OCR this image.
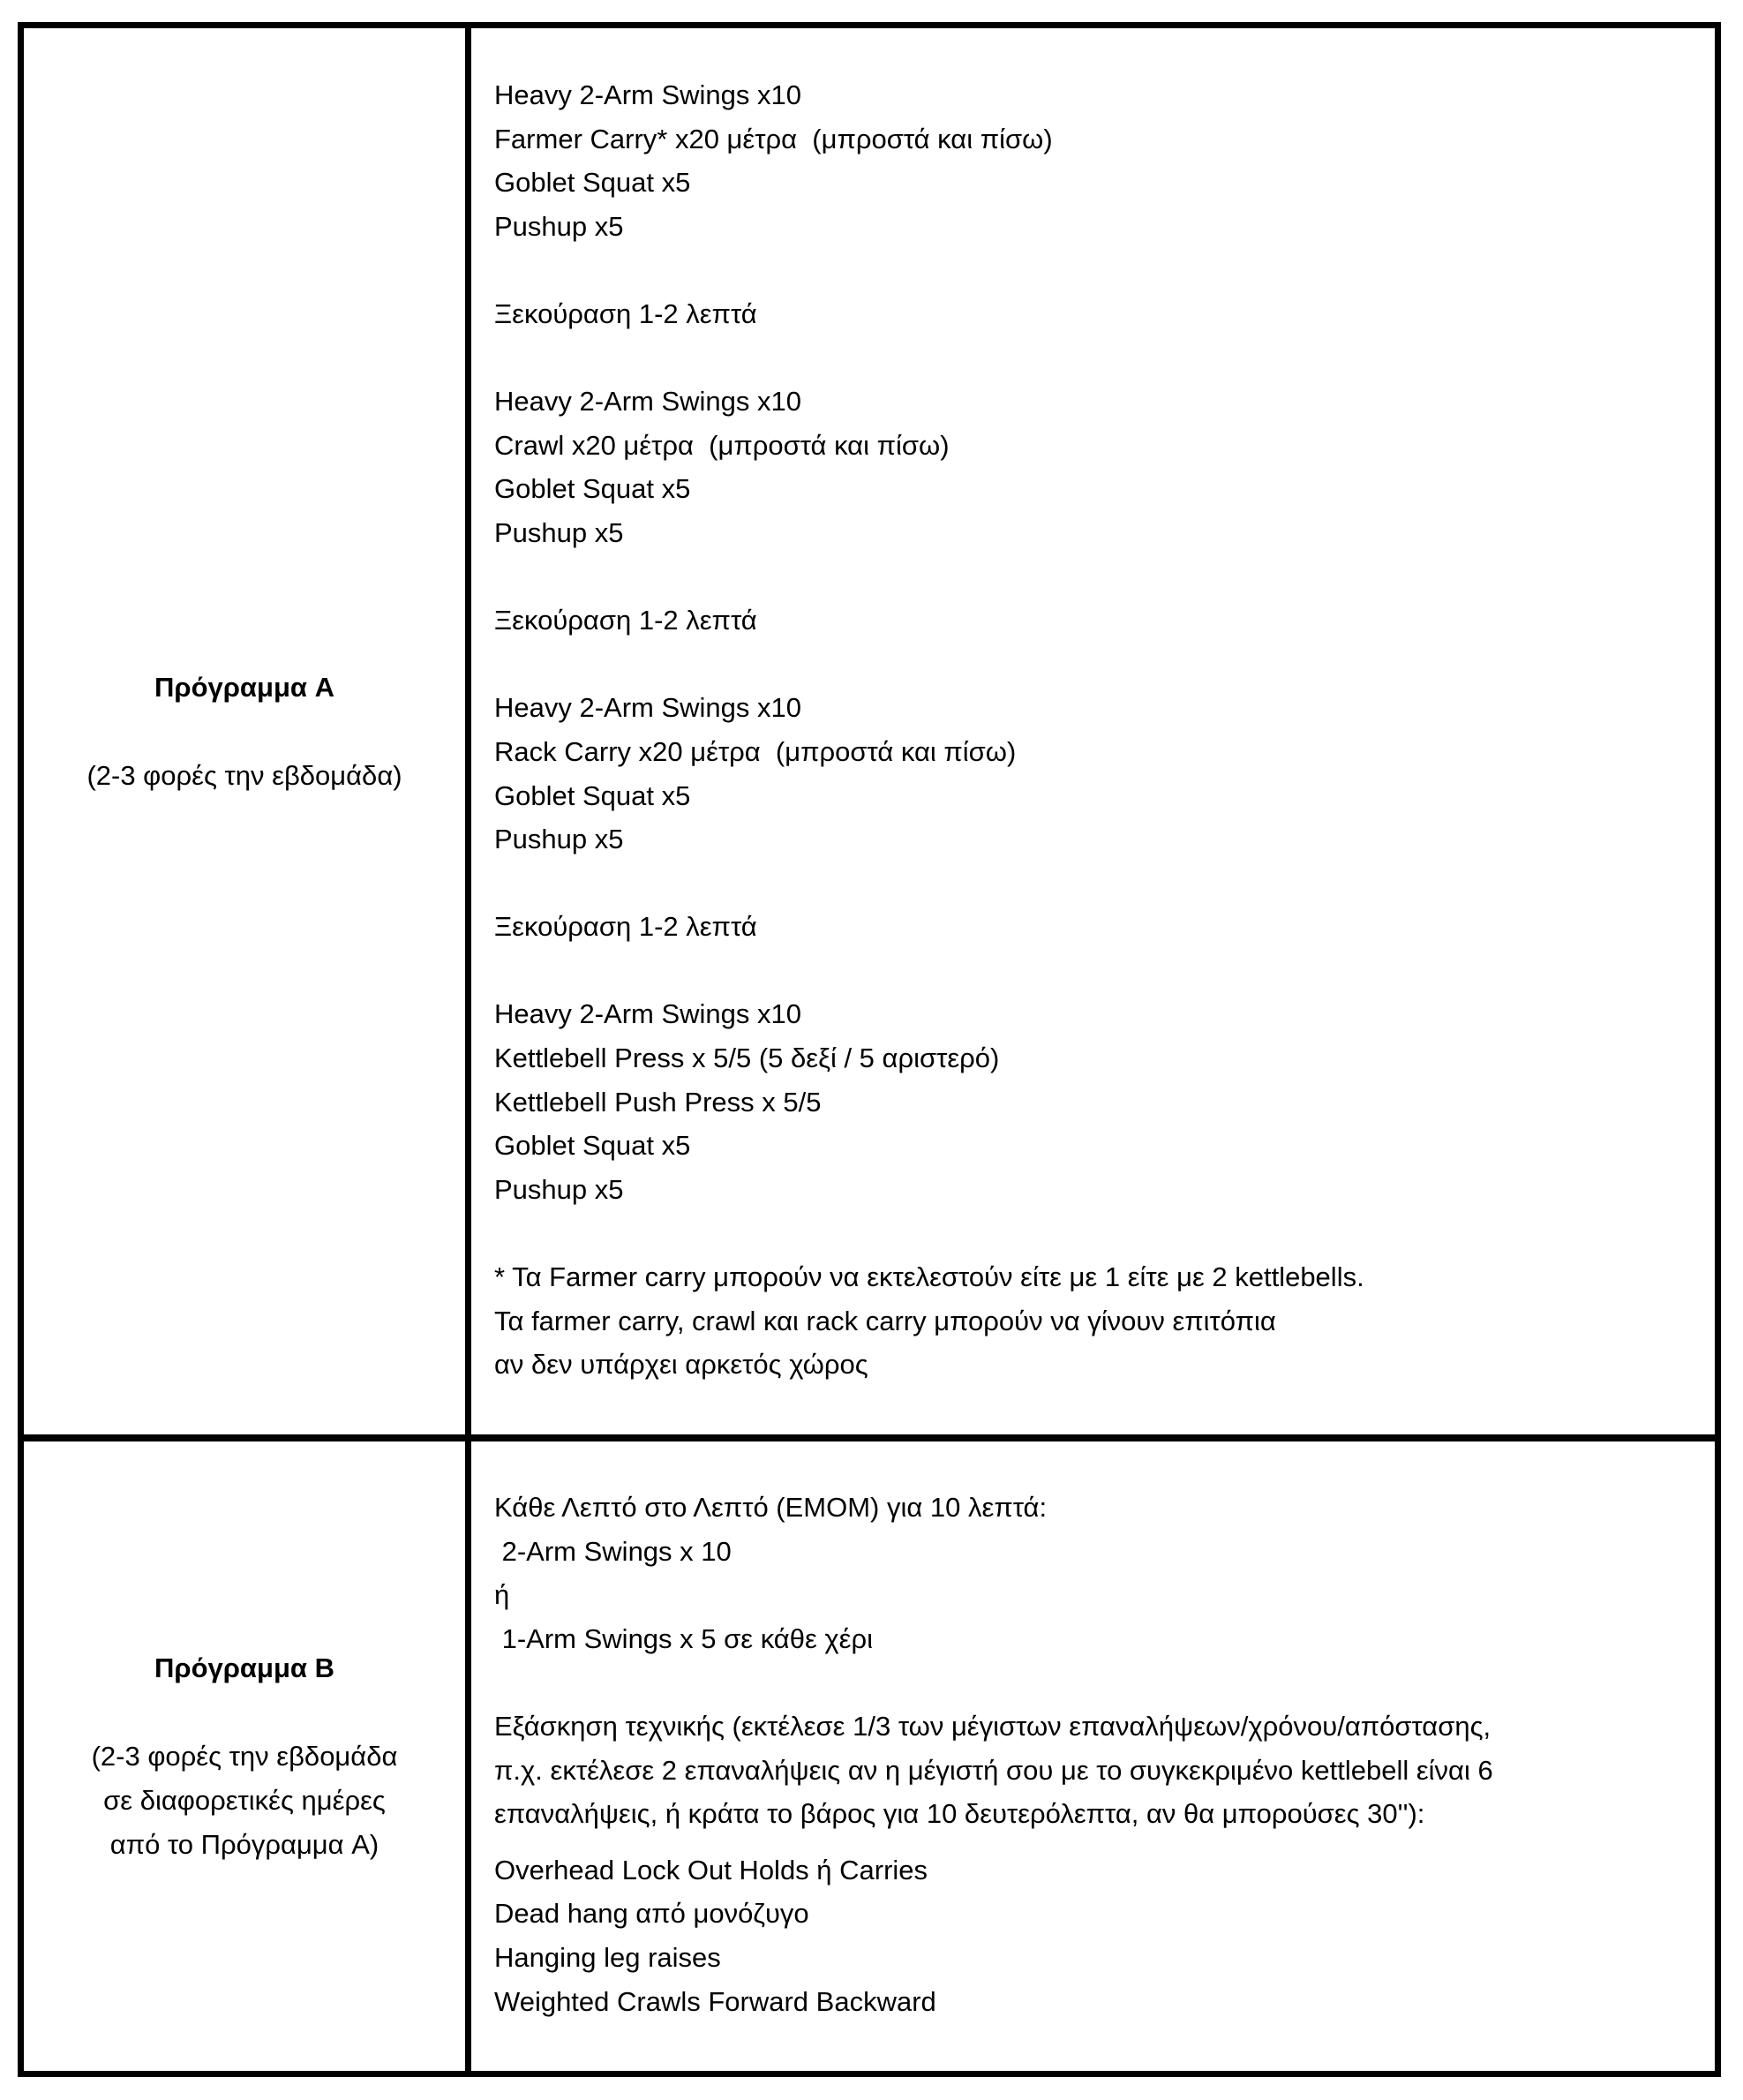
Πρόγραμμα A
(2-3 φορές την εβδομάδα)
Heavy 2-Arm Swings x10
Farmer Carry* x20 μέτρα  (μπροστά και πίσω)
Goblet Squat x5
Pushup x5
Ξεκούραση 1-2 λεπτά
Heavy 2-Arm Swings x10
Crawl x20 μέτρα  (μπροστά και πίσω)
Goblet Squat x5
Pushup x5
Ξεκούραση 1-2 λεπτά
Heavy 2-Arm Swings x10
Rack Carry x20 μέτρα  (μπροστά και πίσω)
Goblet Squat x5
Pushup x5
Ξεκούραση 1-2 λεπτά
Heavy 2-Arm Swings x10
Kettlebell Press x 5/5 (5 δεξί / 5 αριστερό)
Kettlebell Push Press x 5/5
Goblet Squat x5
Pushup x5
* Τα Farmer carry μπορούν να εκτελεστούν είτε με 1 είτε με 2 kettlebells.
Τα farmer carry, crawl και rack carry μπορούν να γίνουν επιτόπια
αν δεν υπάρχει αρκετός χώρος
Πρόγραμμα B
(2-3 φορές την εβδομάδα
σε διαφορετικές ημέρες
από το Πρόγραμμα A)
Κάθε Λεπτό στο Λεπτό (EMOM) για 10 λεπτά:
2-Arm Swings x 10
ή
1-Arm Swings x 5 σε κάθε χέρι
Εξάσκηση τεχνικής (εκτέλεσε 1/3 των μέγιστων επαναλήψεων/χρόνου/απόστασης,
π.χ. εκτέλεσε 2 επαναλήψεις αν η μέγιστή σου με το συγκεκριμένο kettlebell είναι 6
επαναλήψεις, ή κράτα το βάρος για 10 δευτερόλεπτα, αν θα μπορούσες 30''):
Overhead Lock Out Holds ή Carries
Dead hang από μονόζυγο
Hanging leg raises
Weighted Crawls Forward Backward
